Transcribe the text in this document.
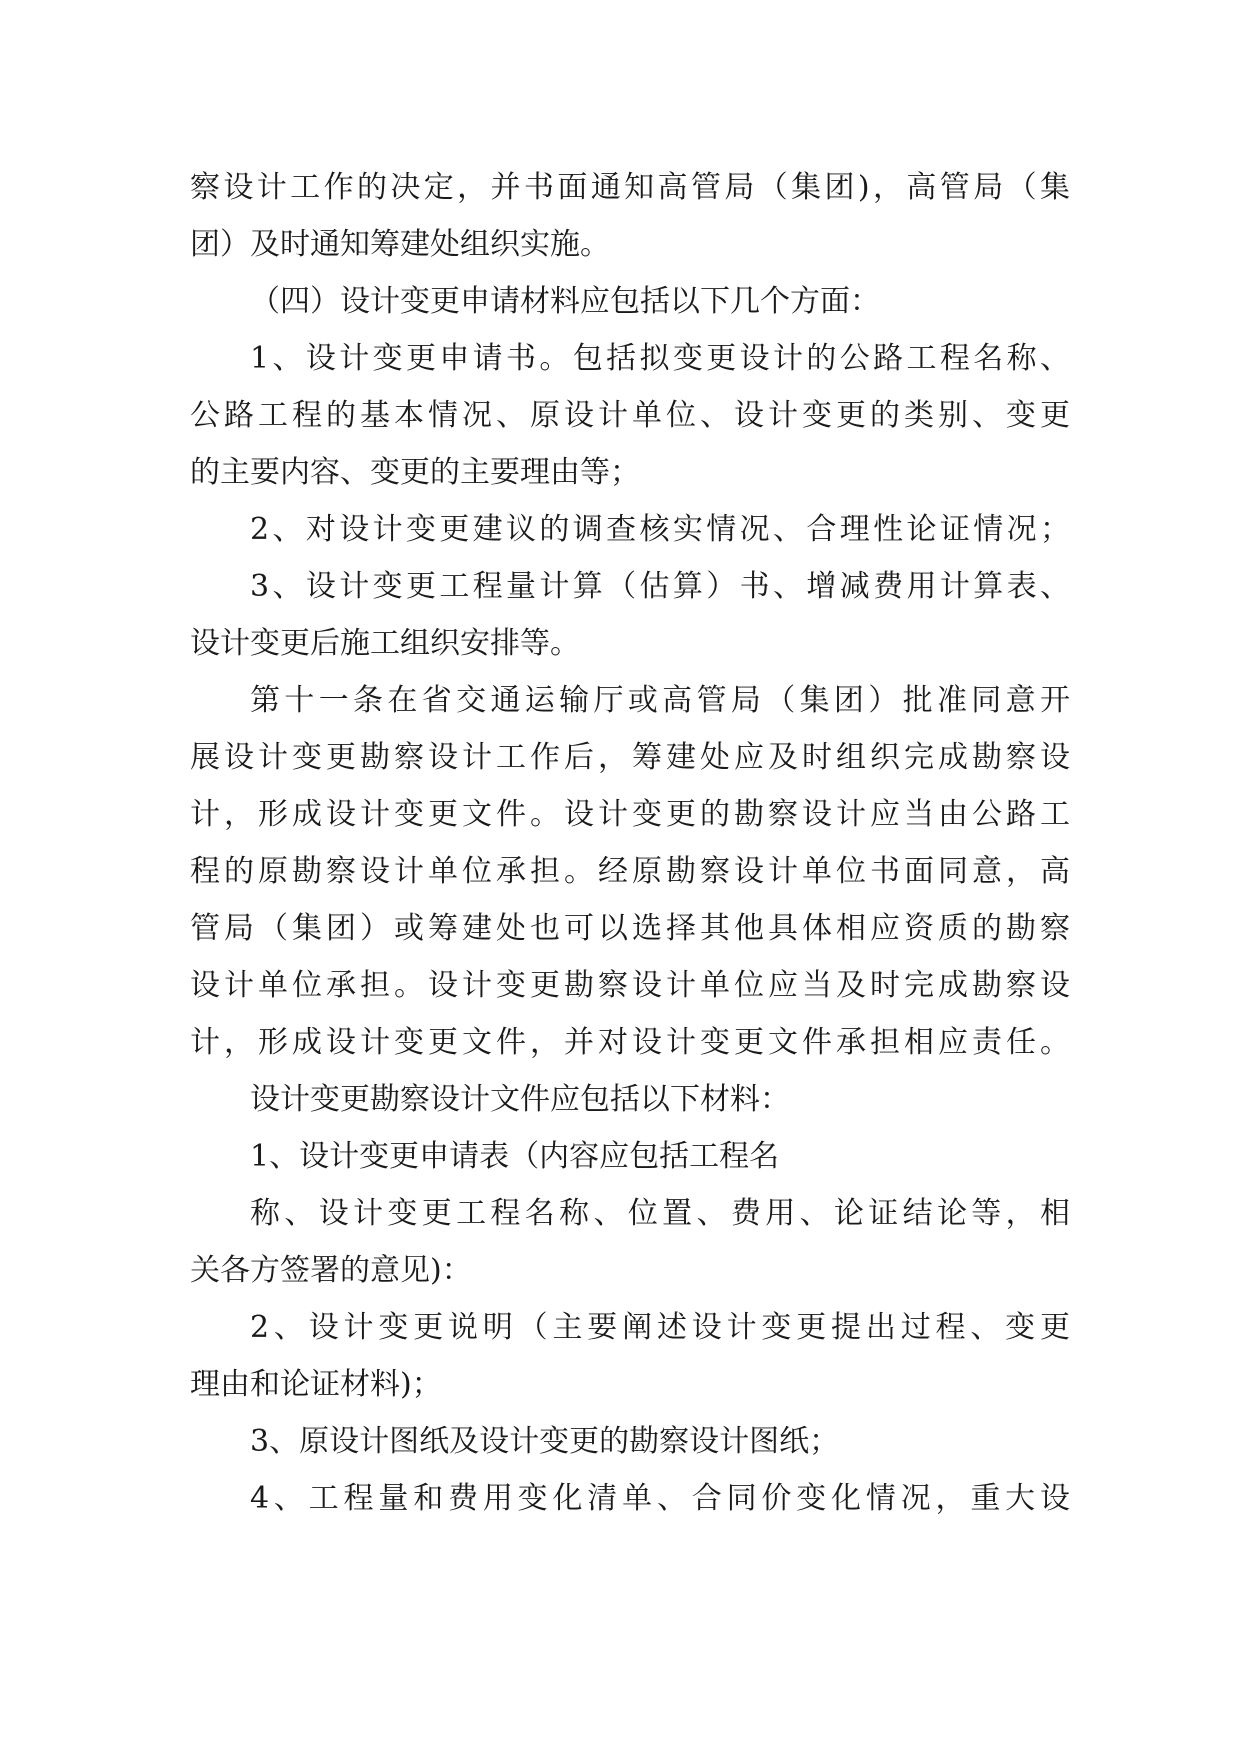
察设计工作的决定，并书面通知高管局（集团)，高管局（集
团）及时通知筹建处组织实施。
（四）设计变更申请材料应包括以下几个方面：
1、设计变更申请书。包括拟变更设计的公路工程名称、
公路工程的基本情况、原设计单位、设计变更的类别、变更
的主要内容、变更的主要理由等；
2、对设计变更建议的调查核实情况、合理性论证情况；
3、设计变更工程量计算（估算）书、增减费用计算表、
设计变更后施工组织安排等。
第十一条在省交通运输厅或高管局（集团）批准同意开
展设计变更勘察设计工作后，筹建处应及时组织完成勘察设
计，形成设计变更文件。设计变更的勘察设计应当由公路工
程的原勘察设计单位承担。经原勘察设计单位书面同意，高
管局（集团）或筹建处也可以选择其他具体相应资质的勘察
设计单位承担。设计变更勘察设计单位应当及时完成勘察设
计，形成设计变更文件，并对设计变更文件承担相应责任。
设计变更勘察设计文件应包括以下材料：
1、设计变更申请表（内容应包括工程名
称、设计变更工程名称、位置、费用、论证结论等，相
关各方签署的意见)：
2、设计变更说明（主要阐述设计变更提出过程、变更
理由和论证材料)；
3、原设计图纸及设计变更的勘察设计图纸；
4、工程量和费用变化清单、合同价变化情况，重大设
